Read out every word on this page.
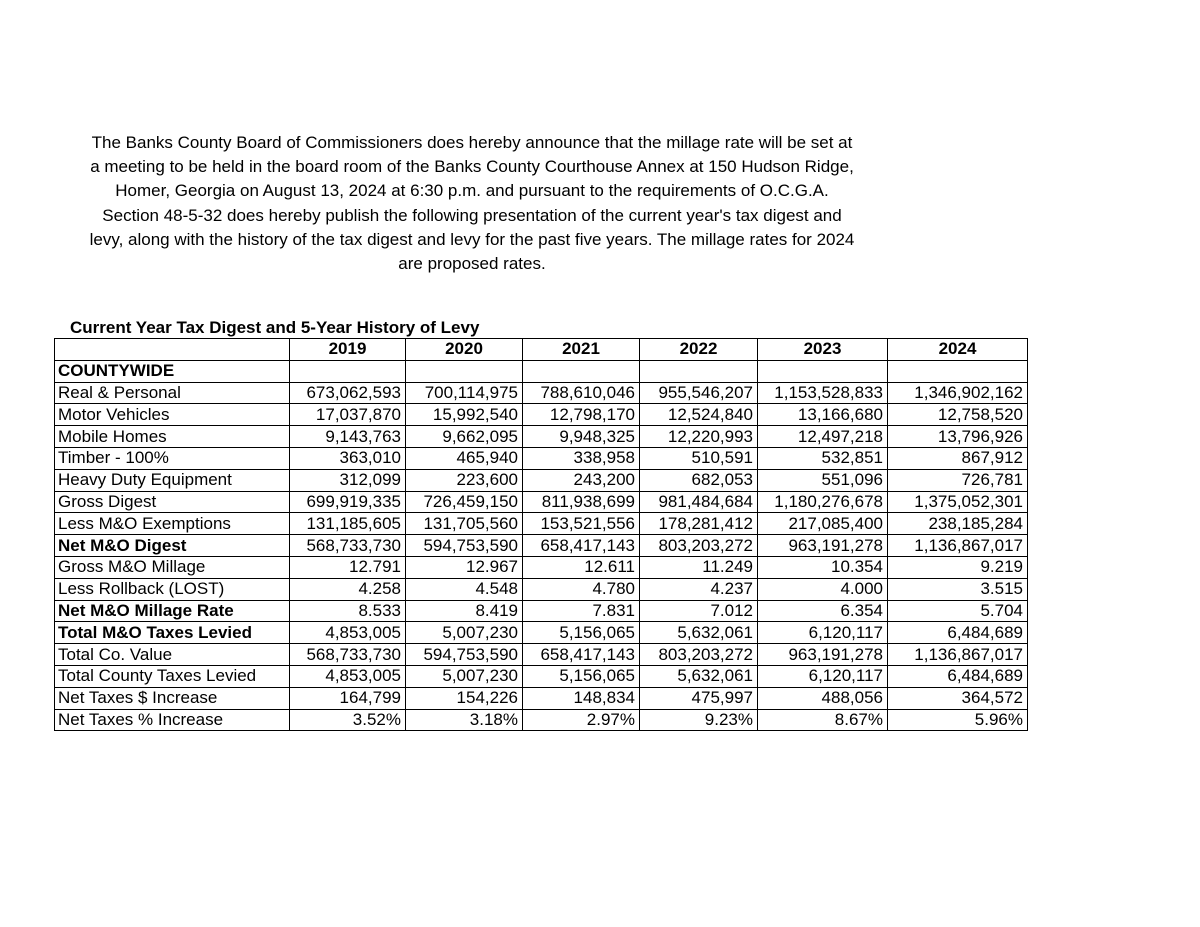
The Banks County Board of Commissioners does hereby announce that the millage rate will be set at
a meeting to be held in the board room of the Banks County Courthouse Annex at 150 Hudson Ridge,
Homer, Georgia on August 13, 2024 at 6:30 p.m. and pursuant to the requirements of O.C.G.A.
Section 48-5-32 does hereby publish the following presentation of the current year's tax digest and
levy, along with the history of the tax digest and levy for the past five years. The millage rates for 2024
are proposed rates.

Current Year Tax Digest and 5-Year History of Levy
	2019	2020	2021	2022	2023	2024
COUNTYWIDE						
Real & Personal	673,062,593	700,114,975	788,610,046	955,546,207	1,153,528,833	1,346,902,162
Motor Vehicles	17,037,870	15,992,540	12,798,170	12,524,840	13,166,680	12,758,520
Mobile Homes	9,143,763	9,662,095	9,948,325	12,220,993	12,497,218	13,796,926
Timber - 100%	363,010	465,940	338,958	510,591	532,851	867,912
Heavy Duty Equipment	312,099	223,600	243,200	682,053	551,096	726,781
Gross Digest	699,919,335	726,459,150	811,938,699	981,484,684	1,180,276,678	1,375,052,301
Less M&O Exemptions	131,185,605	131,705,560	153,521,556	178,281,412	217,085,400	238,185,284
Net M&O Digest	568,733,730	594,753,590	658,417,143	803,203,272	963,191,278	1,136,867,017
Gross M&O Millage	12.791	12.967	12.611	11.249	10.354	9.219
Less Rollback (LOST)	4.258	4.548	4.780	4.237	4.000	3.515
Net M&O Millage Rate	8.533	8.419	7.831	7.012	6.354	5.704
Total M&O Taxes Levied	4,853,005	5,007,230	5,156,065	5,632,061	6,120,117	6,484,689
Total Co. Value	568,733,730	594,753,590	658,417,143	803,203,272	963,191,278	1,136,867,017
Total County Taxes Levied	4,853,005	5,007,230	5,156,065	5,632,061	6,120,117	6,484,689
Net Taxes $ Increase	164,799	154,226	148,834	475,997	488,056	364,572
Net Taxes % Increase	3.52%	3.18%	2.97%	9.23%	8.67%	5.96%
